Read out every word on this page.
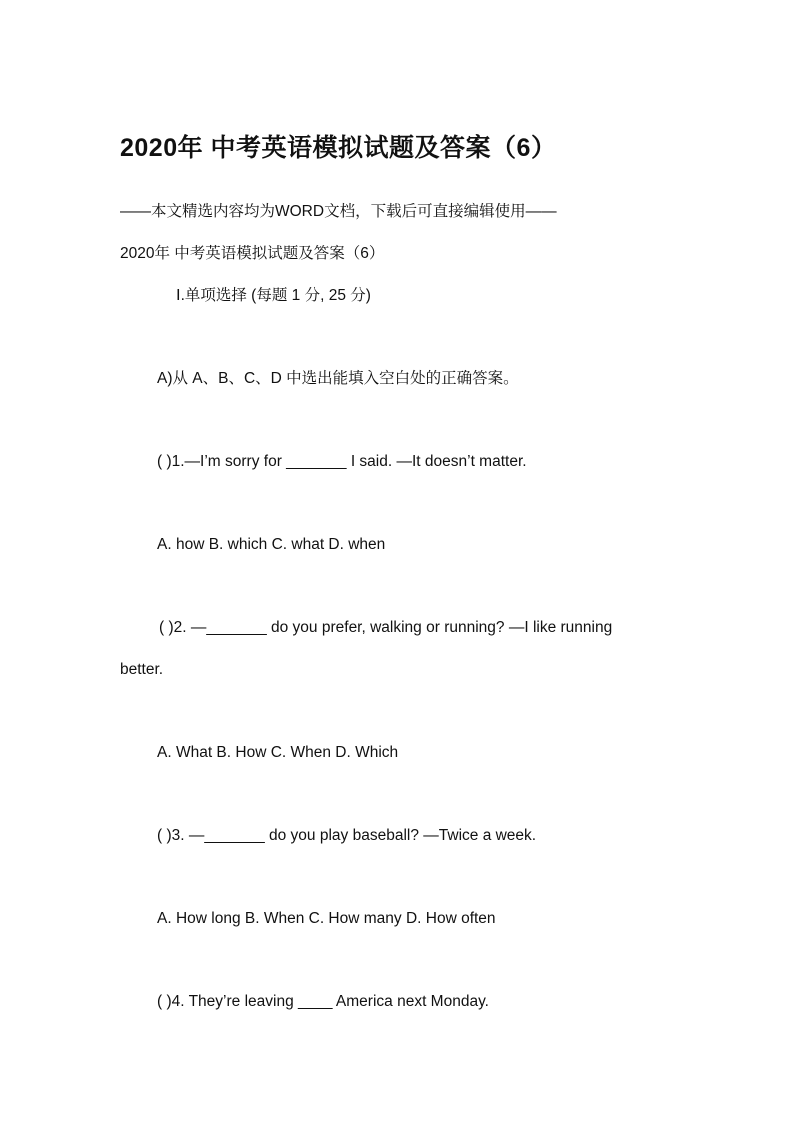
2020年 中考英语模拟试题及答案（6）
——本文精选内容均为WORD文档，下载后可直接编辑使用——
2020年 中考英语模拟试题及答案（6）
Ⅰ.单项选择 (每题 1 分, 25 分)
A)从 A、B、C、D 中选出能填入空白处的正确答案。
( )1.—I’m sorry for _______ I said. —It doesn’t matter.
A. how B. which C. what D. when
( )2. —_______ do you prefer, walking or running? —I like running
better.
A. What B. How C. When D. Which
( )3. —_______ do you play baseball? —Twice a week.
A. How long B. When C. How many D. How often
( )4. They’re leaving ____ America next Monday.
